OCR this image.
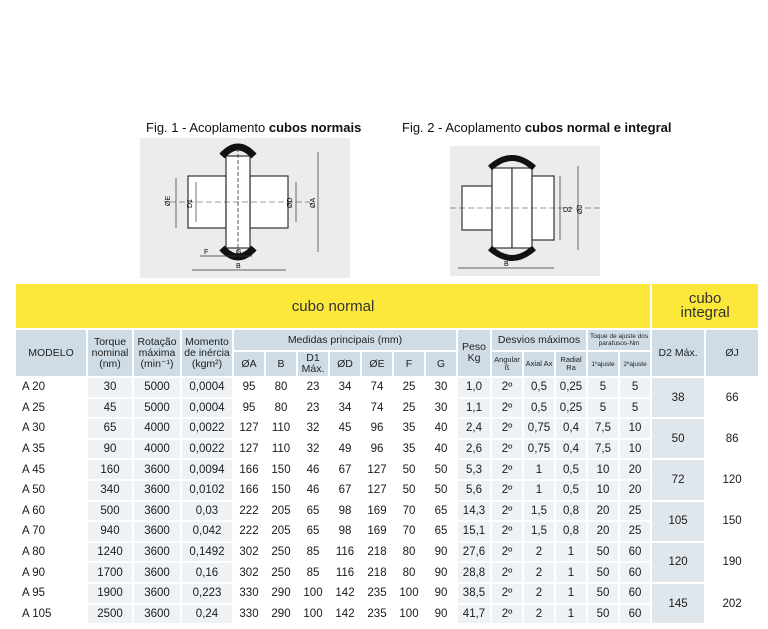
Fig. 1 - Acoplamento cubos normais	Fig. 2 - Acoplamento cubos normal e integral
ØE D1	ØD ØA
F	G
B
D2 ØJ
B
cubo normal																	cubo
integral	
MODELO	Torque nominal (nm)	Rotação máxima (min⁻¹)	Momento de inércia (kgm²)	Medidas principais (mm)							Peso Kg	Desvios máximos			Toque de ajuste dos parafusos-Nm		D2 Máx.	ØJ
				ØA	B	D1 Máx.	ØD	ØE	F	G		Angular ß	Axial Ax	Radial Ra	1ºajuste	2ºajuste		
A 20	30	5000	0,0004	95	80	23	34	74	25	30	1,0	2º	0,5	0,25	5	5	38	66
A 25	45	5000	0,0004	95	80	23	34	74	25	30	1,1	2º	0,5	0,25	5	5		
A 30	65	4000	0,0022	127	110	32	45	96	35	40	2,4	2º	0,75	0,4	7,5	10	50	86
A 35	90	4000	0,0022	127	110	32	49	96	35	40	2,6	2º	0,75	0,4	7,5	10		
A 45	160	3600	0,0094	166	150	46	67	127	50	50	5,3	2º	1	0,5	10	20	72	120
A 50	340	3600	0,0102	166	150	46	67	127	50	50	5,6	2º	1	0,5	10	20		
A 60	500	3600	0,03	222	205	65	98	169	70	65	14,3	2º	1,5	0,8	20	25	105	150
A 70	940	3600	0,042	222	205	65	98	169	70	65	15,1	2º	1,5	0,8	20	25		
A 80	1240	3600	0,1492	302	250	85	116	218	80	90	27,6	2º	2	1	50	60	120	190
A 90	1700	3600	0,16	302	250	85	116	218	80	90	28,8	2º	2	1	50	60		
A 95	1900	3600	0,223	330	290	100	142	235	100	90	38,5	2º	2	1	50	60	145	202
A 105	2500	3600	0,24	330	290	100	142	235	100	90	41,7	2º	2	1	50	60		
